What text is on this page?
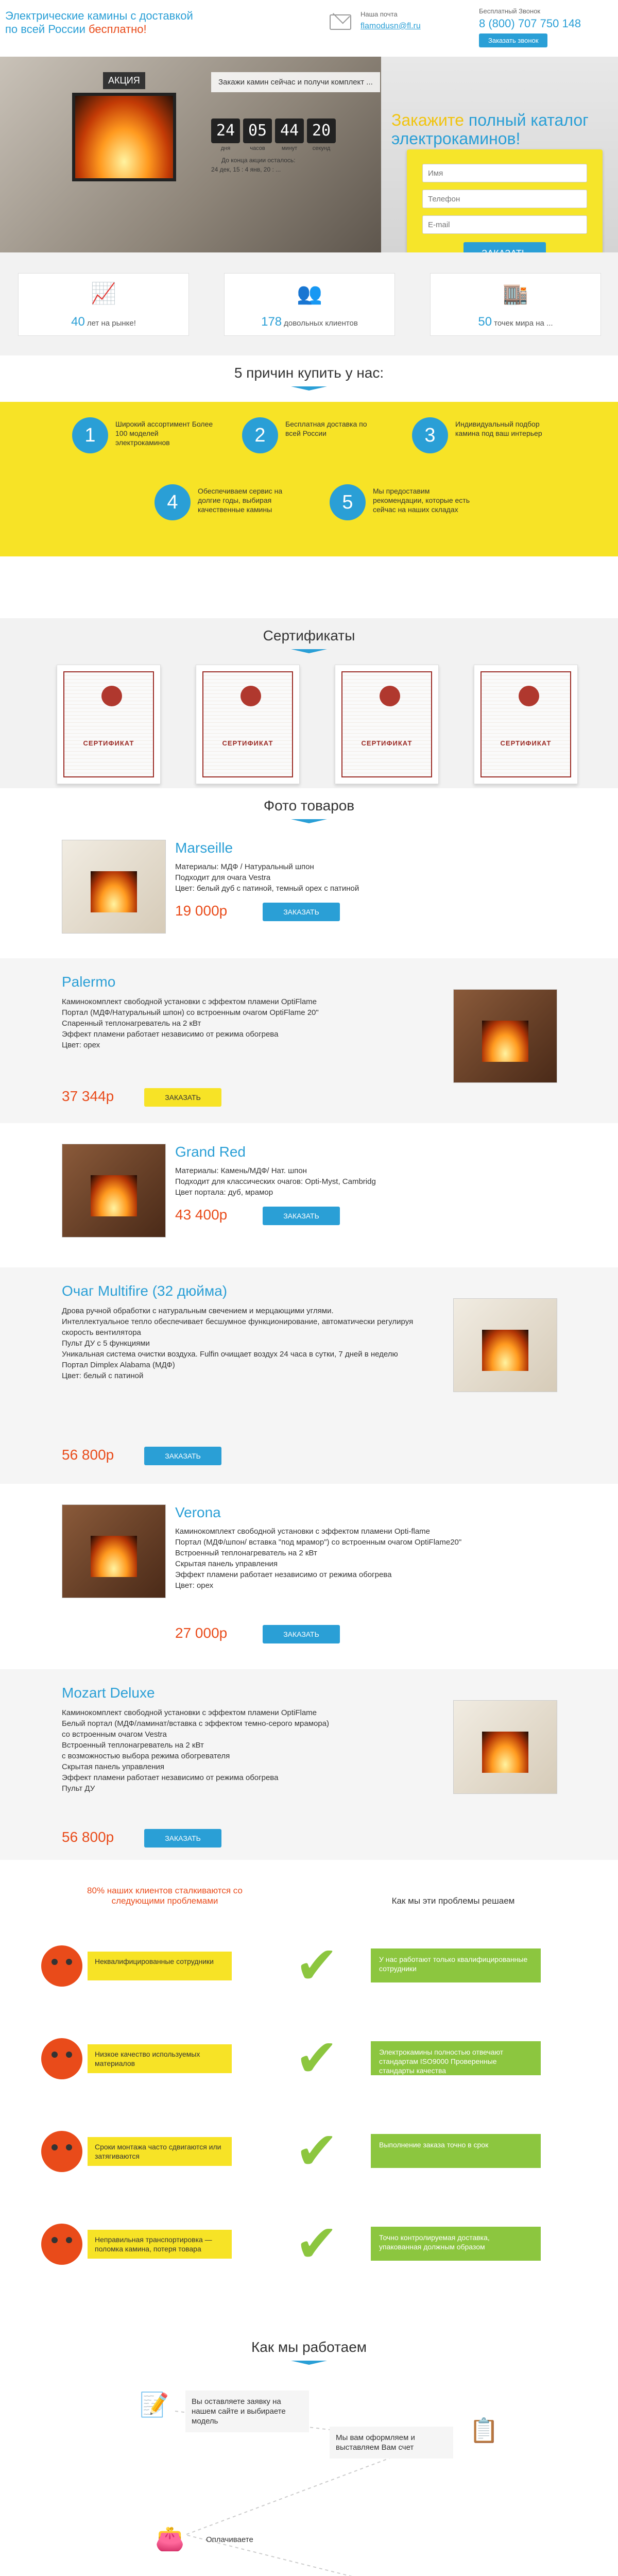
Электрические камины с доставкой
по всей России бесплатно!
Наша почта
flamodusn@fl.ru
Бесплатный Звонок
8 (800) 707 750 148
Заказать звонок
АКЦИЯ	Закажи камин сейчас и получи комплект ...
24 05 44 20
дня	часов	минут	секунд
До конца акции осталось:
24 дек, 15 : 4 янв, 20 : ...
Закажите полный каталог электрокаминов!
Имя
Телефон
E-mail
📈
40 лет на рынке!
👥
178 довольных клиентов
🏬
50 точек мира на ...
5 причин купить у нас:
1
Широкий ассортимент Более 100 моделей электрокаминов	2
Бесплатная доставка по всей России	3
Индивидуальный подбор камина под ваш интерьер
4
Обеспечиваем сервис на долгие годы, выбирая качественные камины	5
Мы предоставим рекомендации, которые есть сейчас на наших складах
Сертификаты
СЕРТИФИКАТ	СЕРТИФИКАТ	СЕРТИФИКАТ	СЕРТИФИКАТ
Фото товаров
Marseille
Материалы: МДФ / Натуральный шпон
Подходит для очага Vestra
Цвет: белый дуб с патиной, темный орех с патиной
19 000р	ЗАКАЗАТЬ
Palermo
Каминокомплект свободной установки с эффектом пламени OptiFlame
Портал (МДФ/Натуральный шпон) со встроенным очагом OptiFlame 20"
Спаренный теплонагреватель на 2 кВт
Эффект пламени работает независимо от режима обогрева
Цвет: орех
37 344р	ЗАКАЗАТЬ
Grand Red
Материалы: Камень/МДФ/ Нат. шпон
Подходит для классических очагов: Opti-Myst, Cambridg
Цвет портала: дуб, мрамор
43 400р	ЗАКАЗАТЬ
Очаг Multifire (32 дюйма)
Дрова ручной обработки с натуральным свечением и мерцающими углями.
Интеллектуальное тепло обеспечивает бесшумное функционирование, автоматически регулируя скорость вентилятора
Пульт ДУ с 5 функциями
Уникальная система очистки воздуха. Fulfin очищает воздух 24 часа в сутки, 7 дней в неделю
Портал Dimplex Alabama (МДФ)
Цвет: белый с патиной
56 800р	ЗАКАЗАТЬ
Verona
Каминокомплект свободной установки с эффектом пламени Opti-flame
Портал (МДФ/шпон/ вставка "под мрамор") со встроенным очагом OptiFlame20"
Встроенный теплонагреватель на 2 кВт
Скрытая панель управления
Эффект пламени работает независимо от режима обогрева
Цвет: орех
27 000р	ЗАКАЗАТЬ
Mozart Deluxe
Каминокомплект свободной установки с эффектом пламени OptiFlame
Белый портал (МДФ/ламинат/вставка с эффектом темно-серого мрамора)
со встроенным очагом Vestra
Встроенный теплонагреватель на 2 кВт
с возможностью выбора режима обогревателя
Скрытая панель управления
Эффект пламени работает независимо от режима обогрева
Пульт ДУ
56 800р	ЗАКАЗАТЬ
80% наших клиентов сталкиваются со следующими проблемами	Как мы эти проблемы решаем
Неквалифицированные сотрудники	✔	У нас работают только квалифицированные сотрудники
Низкое качество используемых материалов	✔	Электрокамины полностью отвечают стандартам ISO9000 Проверенные стандарты качества
Сроки монтажа часто сдвигаются или затягиваются	✔	Выполнение заказа точно в срок
Неправильная транспортировка — поломка камина, потеря товара	✔	Точно контролируемая доставка, упакованная должным образом
Как мы работаем
📝	Вы оставляете заявку на нашем сайте и выбираете модель	📋
Мы вам оформляем и выставляем Вам счет
👛	Оплачиваете
